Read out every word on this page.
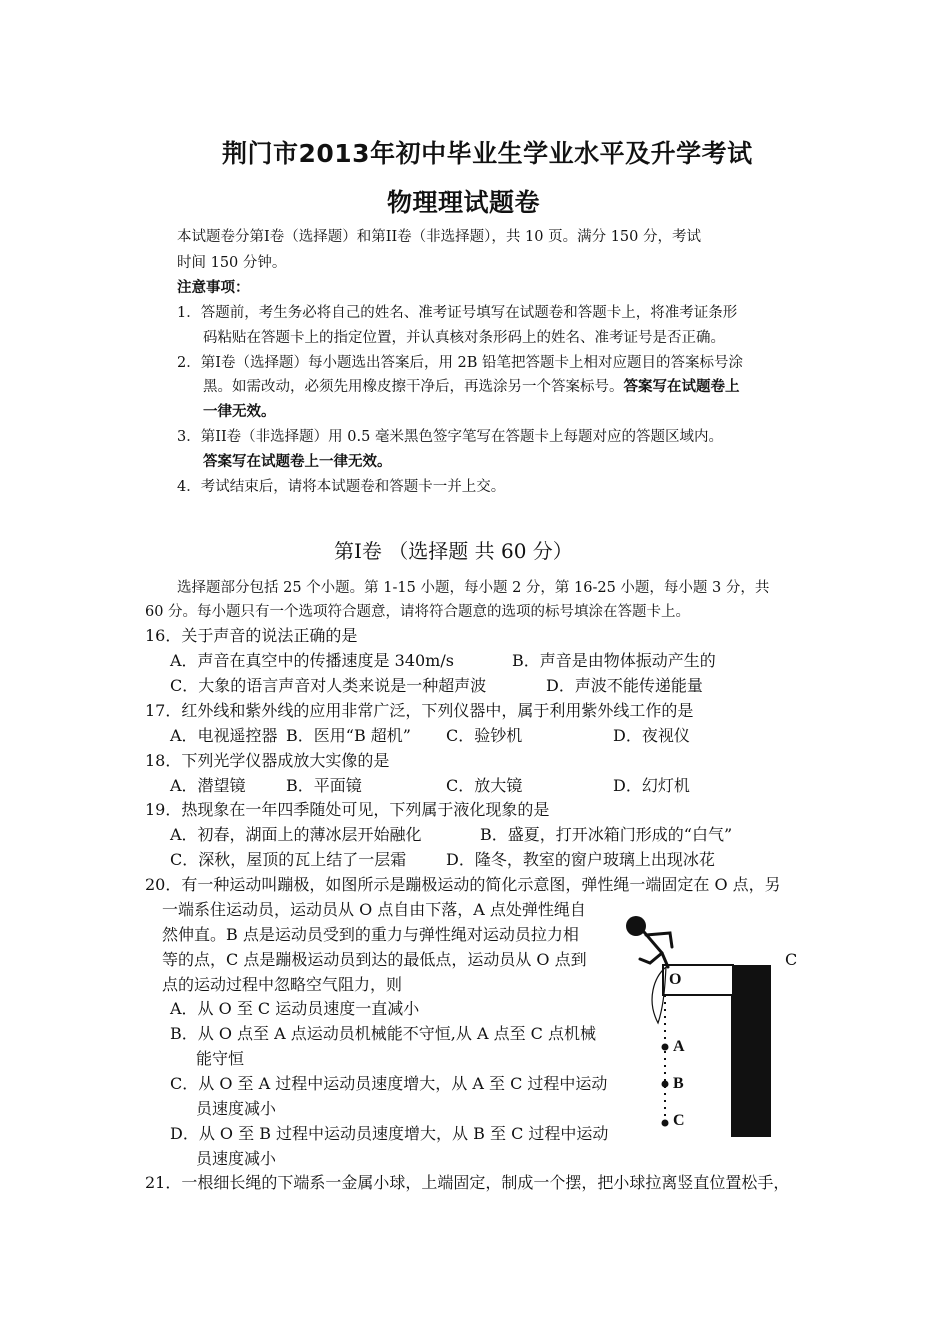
荆门市2013年初中毕业生学业水平及升学考试
物理理试题卷
本试题卷分第Ⅰ卷（选择题）和第ⅠⅠ卷（非选择题），共 10 页。满分 150 分，考试
时间 150 分钟。
注意事项：
1．答题前，考生务必将自己的姓名、准考证号填写在试题卷和答题卡上，将准考证条形
码粘贴在答题卡上的指定位置，并认真核对条形码上的姓名、准考证号是否正确。
2．第Ⅰ卷（选择题）每小题选出答案后，用 2B 铅笔把答题卡上相对应题目的答案标号涂
黑。如需改动，必须先用橡皮擦干净后，再选涂另一个答案标号。答案写在试题卷上
一律无效。
3．第ⅠⅠ卷（非选择题）用 0.5 毫米黑色签字笔写在答题卡上每题对应的答题区域内。
答案写在试题卷上一律无效。
4．考试结束后，请将本试题卷和答题卡一并上交。
第Ⅰ卷 （选择题 共 60 分）
选择题部分包括 25 个小题。第 1-15 小题，每小题 2 分，第 16-25 小题，每小题 3 分，共
60 分。每小题只有一个选项符合题意，请将符合题意的选项的标号填涂在答题卡上。
16．关于声音的说法正确的是
A．声音在真空中的传播速度是 340m/s	B．声音是由物体振动产生的
C．大象的语言声音对人类来说是一种超声波	D．声波不能传递能量
17．红外线和紫外线的应用非常广泛，下列仪器中，属于利用紫外线工作的是
A．电视遥控器 B．医用“B 超机” C．验钞机	D．夜视仪
18．下列光学仪器成放大实像的是
A．潜望镜	B．平面镜	C．放大镜	D．幻灯机
19．热现象在一年四季随处可见，下列属于液化现象的是
A．初春，湖面上的薄冰层开始融化	B．盛夏，打开冰箱门形成的“白气”
C．深秋，屋顶的瓦上结了一层霜 D．隆冬，教室的窗户玻璃上出现冰花
20．有一种运动叫蹦极，如图所示是蹦极运动的简化示意图，弹性绳一端固定在 O 点，另
一端系住运动员，运动员从 O 点自由下落，A 点处弹性绳自
然伸直。B 点是运动员受到的重力与弹性绳对运动员拉力相
等的点，C 点是蹦极运动员到达的最低点，运动员从 O 点到	C
点的运动过程中忽略空气阻力，则
A．从 O 至 C 运动员速度一直减小
B．从 O 点至 A 点运动员机械能不守恒,从 A 点至 C 点机械
能守恒
C．从 O 至 A 过程中运动员速度增大，从 A 至 C 过程中运动
员速度减小
D．从 O 至 B 过程中运动员速度增大，从 B 至 C 过程中运动
员速度减小
O
A
B
C
21．一根细长绳的下端系一金属小球，上端固定，制成一个摆，把小球拉离竖直位置松手，
